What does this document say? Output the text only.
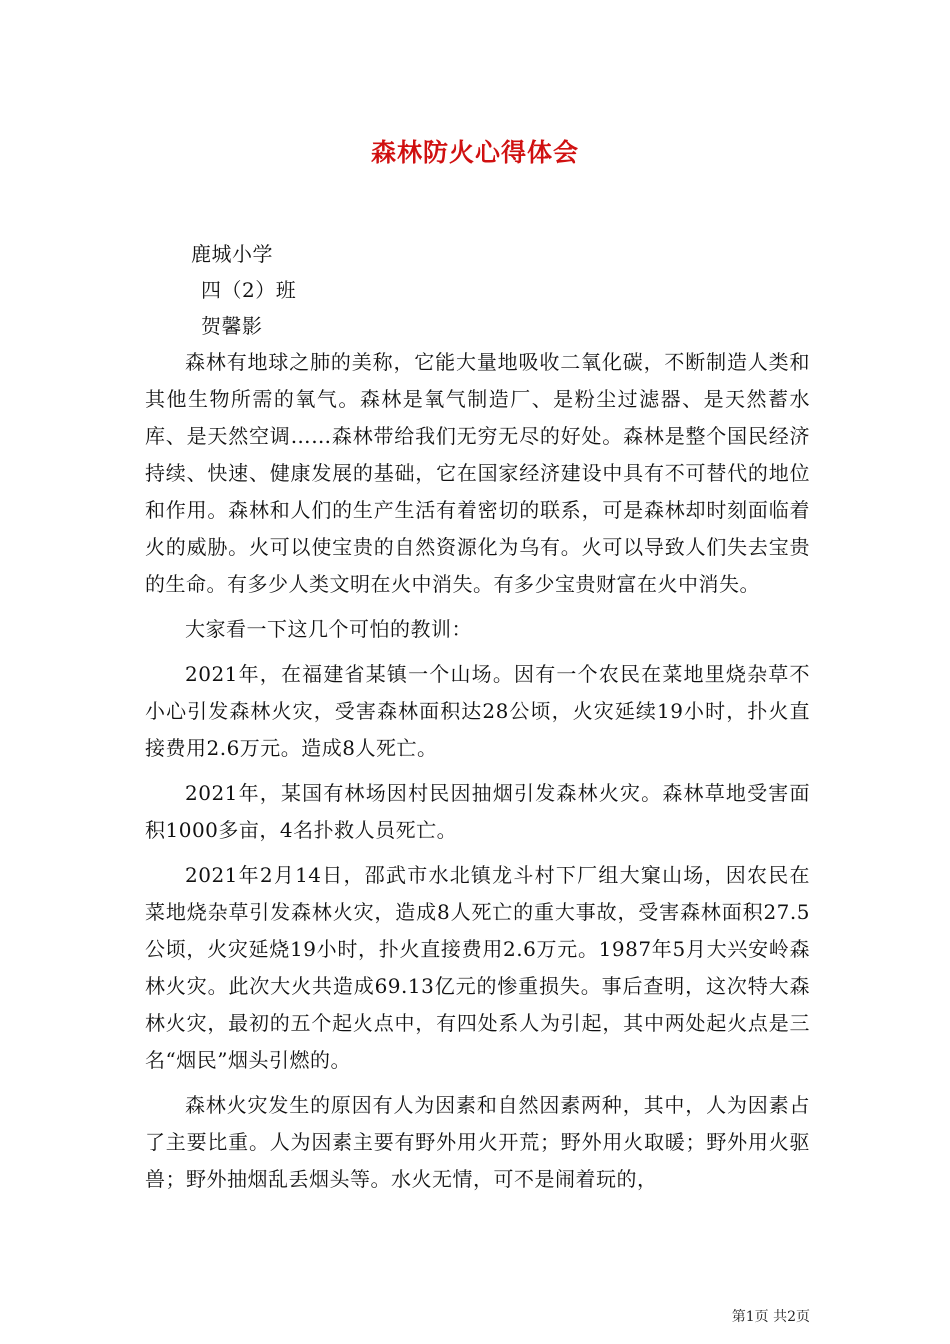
森林防火心得体会

鹿城小学

四（2）班

贺馨影

森林有地球之肺的美称，它能大量地吸收二氧化碳，不断制造人类和其他生物所需的氧气。森林是氧气制造厂、是粉尘过滤器、是天然蓄水库、是天然空调……森林带给我们无穷无尽的好处。森林是整个国民经济持续、快速、健康发展的基础，它在国家经济建设中具有不可替代的地位和作用。森林和人们的生产生活有着密切的联系，可是森林却时刻面临着火的威胁。火可以使宝贵的自然资源化为乌有。火可以导致人们失去宝贵的生命。有多少人类文明在火中消失。有多少宝贵财富在火中消失。

大家看一下这几个可怕的教训：

2021年，在福建省某镇一个山场。因有一个农民在菜地里烧杂草不小心引发森林火灾，受害森林面积达28公顷，火灾延续19小时，扑火直接费用2.6万元。造成8人死亡。

2021年，某国有林场因村民因抽烟引发森林火灾。森林草地受害面积1000多亩，4名扑救人员死亡。

2021年2月14日，邵武市水北镇龙斗村下厂组大窠山场，因农民在菜地烧杂草引发森林火灾，造成8人死亡的重大事故，受害森林面积27.5公顷，火灾延烧19小时，扑火直接费用2.6万元。1987年5月大兴安岭森林火灾。此次大火共造成69.13亿元的惨重损失。事后查明，这次特大森林火灾，最初的五个起火点中，有四处系人为引起，其中两处起火点是三名“烟民”烟头引燃的。

森林火灾发生的原因有人为因素和自然因素两种，其中，人为因素占了主要比重。人为因素主要有野外用火开荒；野外用火取暖；野外用火驱兽；野外抽烟乱丢烟头等。水火无情，可不是闹着玩的，

第1页 共2页
